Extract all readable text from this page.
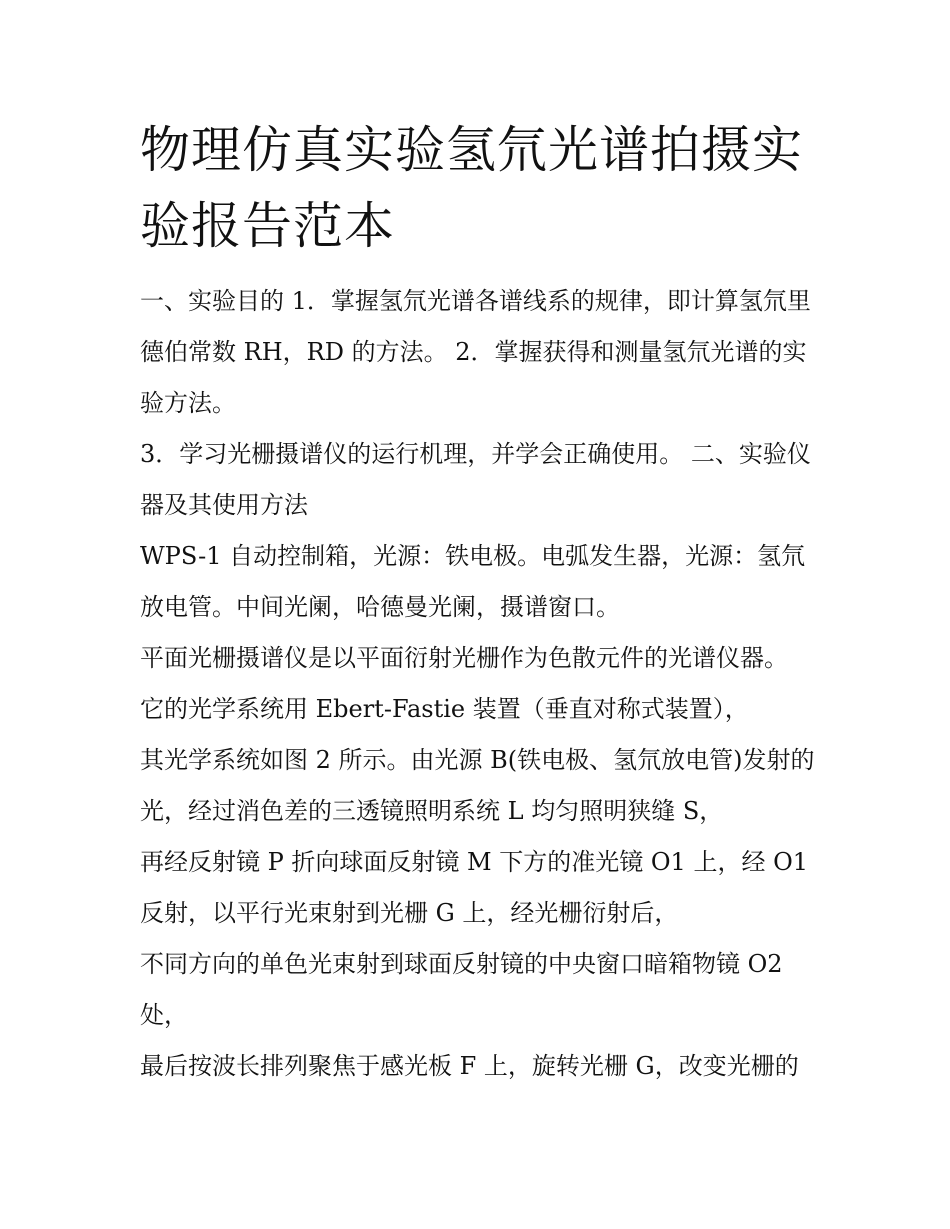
物理仿真实验氢氘光谱拍摄实验报告范本

一、实验目的 1．掌握氢氘光谱各谱线系的规律，即计算氢氘里德伯常数 RH，RD 的方法。 2．掌握获得和测量氢氘光谱的实验方法。

3．学习光栅摄谱仪的运行机理，并学会正确使用。 二、实验仪器及其使用方法

WPS-1 自动控制箱，光源：铁电极。电弧发生器，光源：氢氘放电管。中间光阑，哈德曼光阑，摄谱窗口。

平面光栅摄谱仪是以平面衍射光栅作为色散元件的光谱仪器。

它的光学系统用 Ebert-Fastie 装置（垂直对称式装置），

其光学系统如图 2 所示。由光源 B(铁电极、氢氘放电管)发射的光，经过消色差的三透镜照明系统 L 均匀照明狭缝 S，

再经反射镜 P 折向球面反射镜 M 下方的准光镜 O1 上，经 O1 反射，以平行光束射到光栅 G 上，经光栅衍射后，

不同方向的单色光束射到球面反射镜的中央窗口暗箱物镜 O2 处，

最后按波长排列聚焦于感光板 F 上，旋转光栅 G，改变光栅的
